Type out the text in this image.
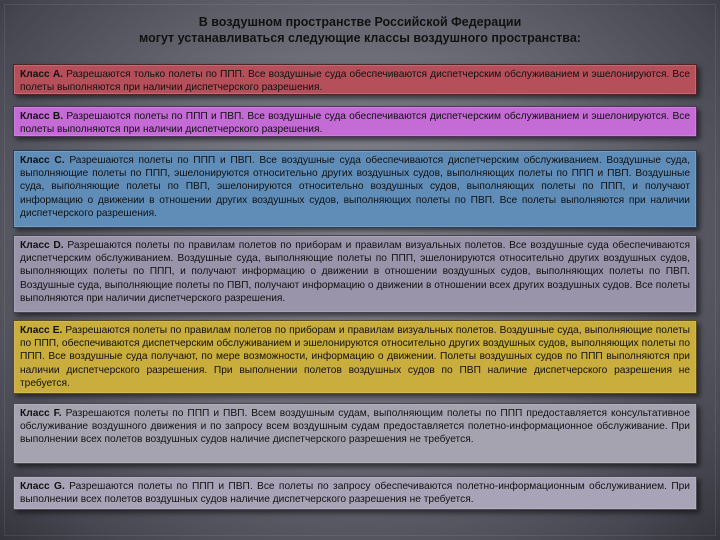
В воздушном пространстве Российской Федерации
могут устанавливаться следующие классы воздушного пространства:
Класс А. Разрешаются только полеты по ППП. Все воздушные суда обеспечиваются диспетчерским обслуживанием и эшелонируются. Все полеты выполняются при наличии диспетчерского разрешения.
Класс В. Разрешаются полеты по ППП и ПВП. Все воздушные суда обеспечиваются диспетчерским обслуживанием и эшелонируются. Все полеты выполняются при наличии диспетчерского разрешения.
Класс С. Разрешаются полеты по ППП и ПВП. Все воздушные суда обеспечиваются диспетчерским обслуживанием. Воздушные суда, выполняющие полеты по ППП, эшелонируются относительно других воздушных судов, выполняющих полеты по ППП и ПВП. Воздушные суда, выполняющие полеты по ПВП, эшелонируются относительно воздушных судов, выполняющих полеты по ППП, и получают информацию о движении в отношении других воздушных судов, выполняющих полеты по ПВП. Все полеты выполняются при наличии диспетчерского разрешения.
Класс D. Разрешаются полеты по правилам полетов по приборам и правилам визуальных полетов. Все воздушные суда обеспечиваются диспетчерским обслуживанием. Воздушные суда, выполняющие полеты по ППП, эшелонируются относительно других воздушных судов, выполняющих полеты по ППП, и получают информацию о движении в отношении воздушных судов, выполняющих полеты по ПВП. Воздушные суда, выполняющие полеты по ПВП, получают информацию о движении в отношении всех других воздушных судов. Все полеты выполняются при наличии диспетчерского разрешения.
Класс Е. Разрешаются полеты по правилам полетов по приборам и правилам визуальных полетов. Воздушные суда, выполняющие полеты по ППП, обеспечиваются диспетчерским обслуживанием и эшелонируются относительно других воздушных судов, выполняющих полеты по ППП. Все воздушные суда получают, по мере возможности, информацию о движении. Полеты воздушных судов по ППП выполняются при наличии диспетчерского разрешения. При выполнении полетов воздушных судов по ПВП наличие диспетчерского разрешения не требуется.
Класс F. Разрешаются полеты по ППП и ПВП. Всем воздушным судам, выполняющим полеты по ППП предоставляется консультативное обслуживание воздушного движения и по запросу всем воздушным судам предоставляется полетно-информационное обслуживание. При выполнении всех полетов воздушных судов наличие диспетчерского разрешения не требуется.
Класс G. Разрешаются полеты по ППП и ПВП. Все полеты по запросу обеспечиваются полетно-информационным обслуживанием. При выполнении всех полетов воздушных судов наличие диспетчерского разрешения не требуется.
